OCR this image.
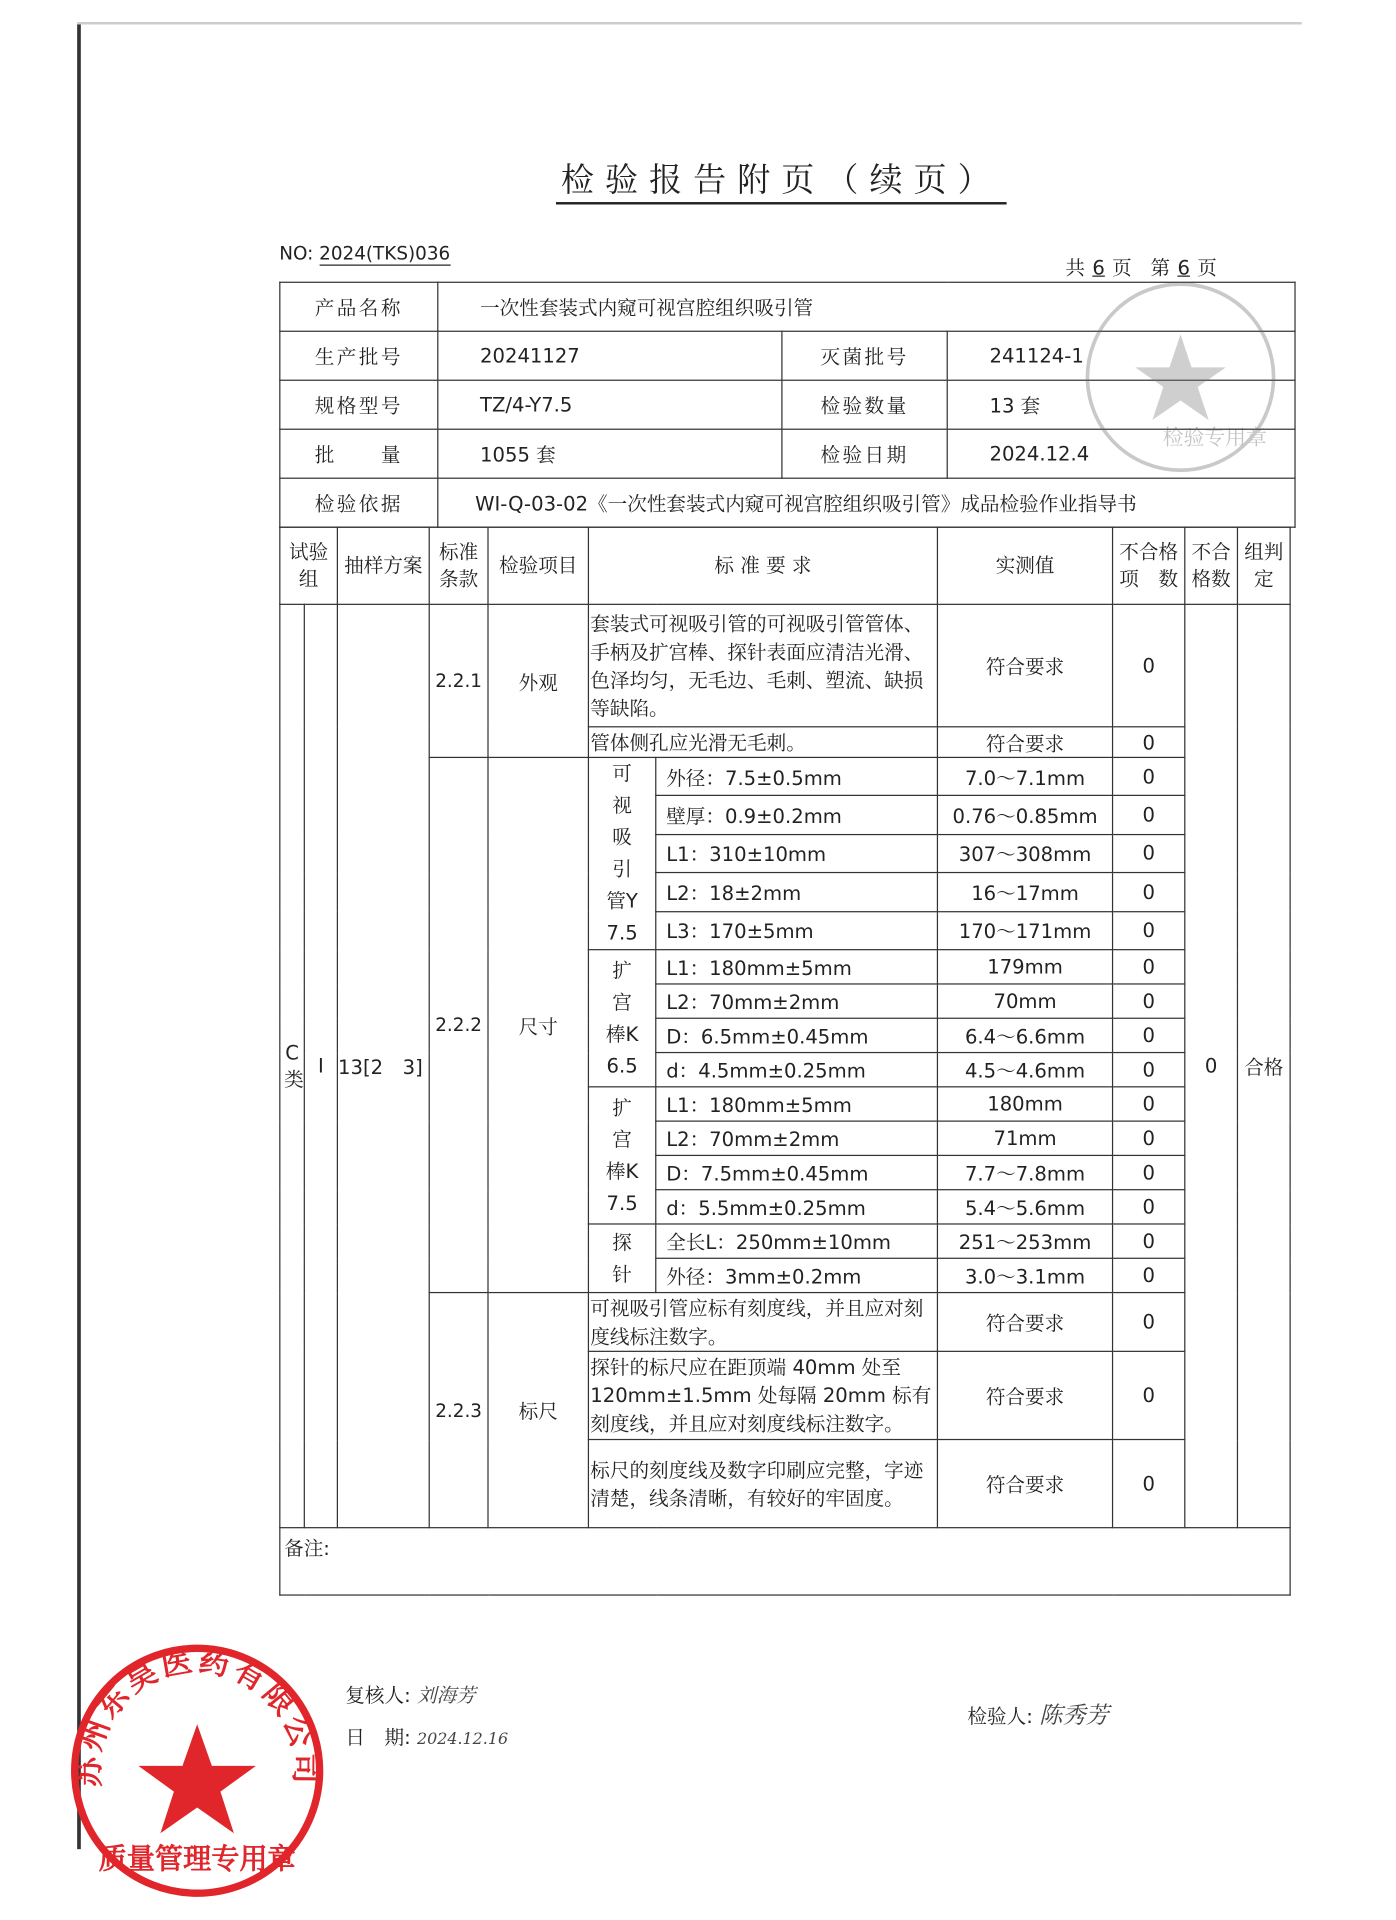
检验报告附页（续页）
NO: 2024(TKS)036
共 6 页 第 6 页
产品名称	一次性套装式内窥可视宫腔组织吸引管		
生产批号	20241127	灭菌批号	241124-1
规格型号	TZ/4-Y7.5	检验数量	13 套
批　　量	1055 套	检验日期	2024.12.4
检验依据	WI-Q-03-02《一次性套装式内窥可视宫腔组织吸引管》成品检验作业指导书		
试验组		抽样方案	标准条款	检验项目	标 准 要 求		实测值	不合格项　数	不合格数	组判定
C类	Ⅰ	13[2　3]	2.2.1	外观	套装式可视吸引管的可视吸引管管体、手柄及扩宫棒、探针表面应清洁光滑、色泽均匀，无毛边、毛刺、塑流、缺损等缺陷。		符合要求	0	0	合格
					管体侧孔应光滑无毛刺。		符合要求	0		
			2.2.2	尺寸	可视吸引管Y7.5	外径：7.5±0.5mm	7.0～7.1mm	0		
						壁厚：0.9±0.2mm	0.76～0.85mm	0		
						L1：310±10mm	307～308mm	0		
						L2：18±2mm	16～17mm	0		
						L3：170±5mm	170～171mm	0		
					扩宫棒K6.5	L1：180mm±5mm	179mm	0		
						L2：70mm±2mm	70mm	0		
						D：6.5mm±0.45mm	6.4～6.6mm	0		
						d：4.5mm±0.25mm	4.5～4.6mm	0		
					扩宫棒K7.5	L1：180mm±5mm	180mm	0		
						L2：70mm±2mm	71mm	0		
						D：7.5mm±0.45mm	7.7～7.8mm	0		
						d：5.5mm±0.25mm	5.4～5.6mm	0		
					探针	全长L：250mm±10mm	251～253mm	0		
						外径：3mm±0.2mm	3.0～3.1mm	0		
			2.2.3	标尺	可视吸引管应标有刻度线，并且应对刻度线标注数字。		符合要求	0		
					探针的标尺应在距顶端 40mm 处至120mm±1.5mm 处每隔 20mm 标有刻度线，并且应对刻度线标注数字。		符合要求	0		
					标尺的刻度线及数字印刷应完整，字迹清楚，线条清晰，有较好的牢固度。		符合要求	0		
备注:										
复核人: 刘海芳
日　期: 2024.12.16
检验人: 陈秀芳
检验专用章
苏州东昊医药有限公司
质量管理专用章
